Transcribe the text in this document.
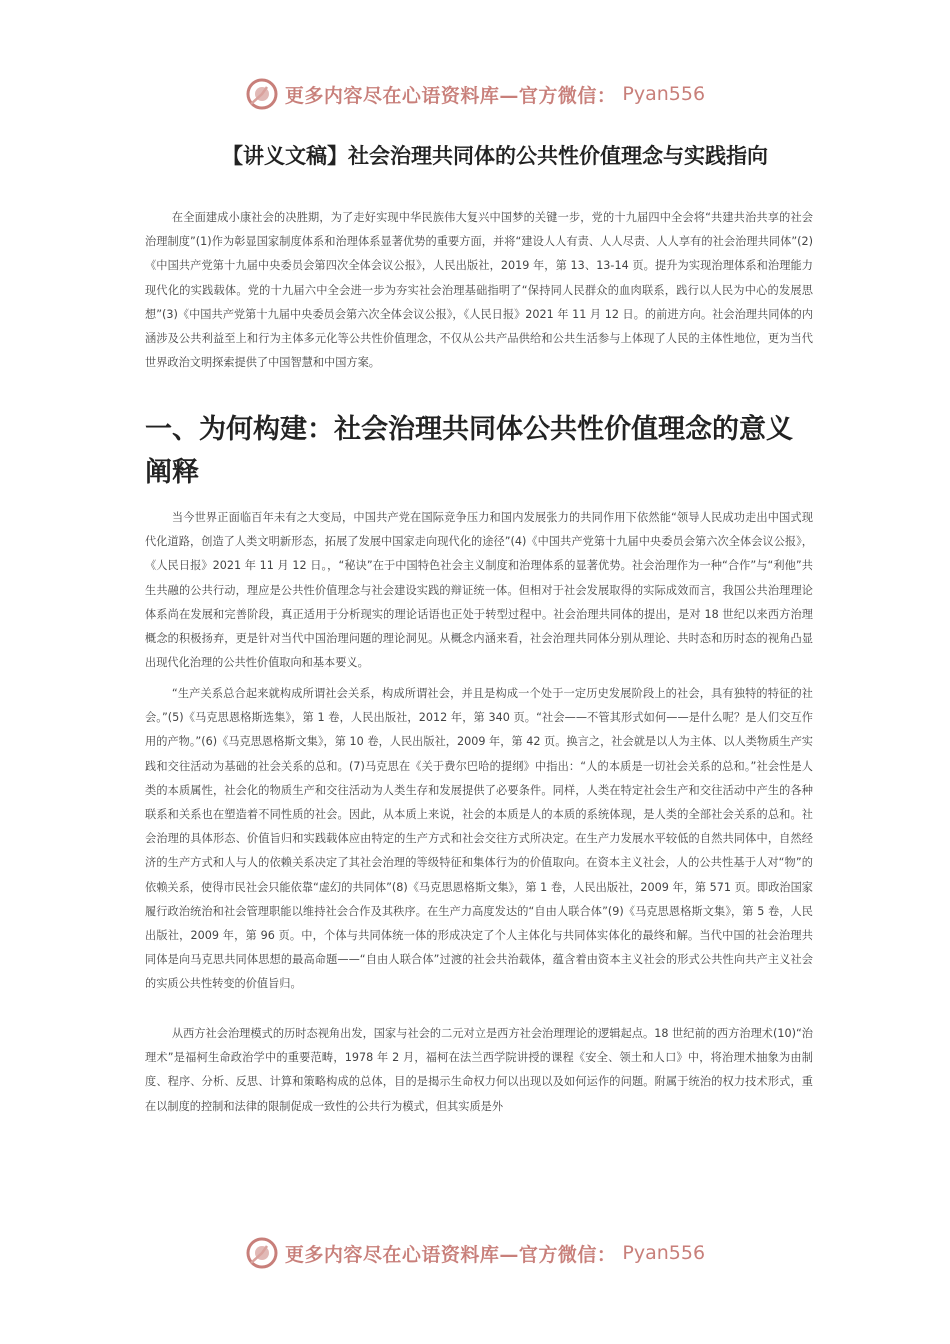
更多内容尽在心语资料库—官方微信： Pyan556
【讲义文稿】社会治理共同体的公共性价值理念与实践指向

在全面建成小康社会的决胜期，为了走好实现中华民族伟大复兴中国梦的关键一步，党的十九届四中全会将“共建共治共享的社会治理制度”(1)作为彰显国家制度体系和治理体系显著优势的重要方面，并将“建设人人有责、人人尽责、人人享有的社会治理共同体”(2)《中国共产党第十九届中央委员会第四次全体会议公报》，人民出版社，2019 年，第 13、13-14 页。提升为实现治理体系和治理能力现代化的实践载体。党的十九届六中全会进一步为夯实社会治理基础指明了“保持同人民群众的血肉联系，践行以人民为中心的发展思想”(3)《中国共产党第十九届中央委员会第六次全体会议公报》，《人民日报》2021 年 11 月 12 日。的前进方向。社会治理共同体的内涵涉及公共利益至上和行为主体多元化等公共性价值理念，不仅从公共产品供给和公共生活参与上体现了人民的主体性地位，更为当代世界政治文明探索提供了中国智慧和中国方案。

一、为何构建：社会治理共同体公共性价值理念的意义阐释

当今世界正面临百年未有之大变局，中国共产党在国际竞争压力和国内发展张力的共同作用下依然能“领导人民成功走出中国式现代化道路，创造了人类文明新形态，拓展了发展中国家走向现代化的途径”(4)《中国共产党第十九届中央委员会第六次全体会议公报》，《人民日报》2021 年 11 月 12 日。，“秘诀”在于中国特色社会主义制度和治理体系的显著优势。社会治理作为一种“合作”与“利他”共生共融的公共行动，理应是公共性价值理念与社会建设实践的辩证统一体。但相对于社会发展取得的实际成效而言，我国公共治理理论体系尚在发展和完善阶段，真正适用于分析现实的理论话语也正处于转型过程中。社会治理共同体的提出，是对 18 世纪以来西方治理概念的积极扬弃，更是针对当代中国治理问题的理论洞见。从概念内涵来看，社会治理共同体分别从理论、共时态和历时态的视角凸显出现代化治理的公共性价值取向和基本要义。

“生产关系总合起来就构成所谓社会关系，构成所谓社会，并且是构成一个处于一定历史发展阶段上的社会，具有独特的特征的社会。”(5)《马克思恩格斯选集》，第 1 卷，人民出版社，2012 年，第 340 页。“社会——不管其形式如何——是什么呢？是人们交互作用的产物。”(6)《马克思恩格斯文集》，第 10 卷，人民出版社，2009 年，第 42 页。换言之，社会就是以人为主体、以人类物质生产实践和交往活动为基础的社会关系的总和。(7)马克思在《关于费尔巴哈的提纲》中指出：“人的本质是一切社会关系的总和。”社会性是人类的本质属性，社会化的物质生产和交往活动为人类生存和发展提供了必要条件。同样，人类在特定社会生产和交往活动中产生的各种联系和关系也在塑造着不同性质的社会。因此，从本质上来说，社会的本质是人的本质的系统体现，是人类的全部社会关系的总和。社会治理的具体形态、价值旨归和实践载体应由特定的生产方式和社会交往方式所决定。在生产力发展水平较低的自然共同体中，自然经济的生产方式和人与人的依赖关系决定了其社会治理的等级特征和集体行为的价值取向。在资本主义社会，人的公共性基于人对“物”的依赖关系，使得市民社会只能依靠“虚幻的共同体”(8)《马克思恩格斯文集》，第 1 卷，人民出版社，2009 年，第 571 页。即政治国家履行政治统治和社会管理职能以维持社会合作及其秩序。在生产力高度发达的“自由人联合体”(9)《马克思恩格斯文集》，第 5 卷，人民出版社，2009 年，第 96 页。中，个体与共同体统一体的形成决定了个人主体化与共同体实体化的最终和解。当代中国的社会治理共同体是向马克思共同体思想的最高命题——“自由人联合体”过渡的社会共治载体，蕴含着由资本主义社会的形式公共性向共产主义社会的实质公共性转变的价值旨归。

从西方社会治理模式的历时态视角出发，国家与社会的二元对立是西方社会治理理论的逻辑起点。18 世纪前的西方治理术(10)“治理术”是福柯生命政治学中的重要范畴，1978 年 2 月，福柯在法兰西学院讲授的课程《安全、领土和人口》中，将治理术抽象为由制度、程序、分析、反思、计算和策略构成的总体，目的是揭示生命权力何以出现以及如何运作的问题。附属于统治的权力技术形式，重在以制度的控制和法律的限制促成一致性的公共行为模式，但其实质是外

更多内容尽在心语资料库—官方微信： Pyan556
